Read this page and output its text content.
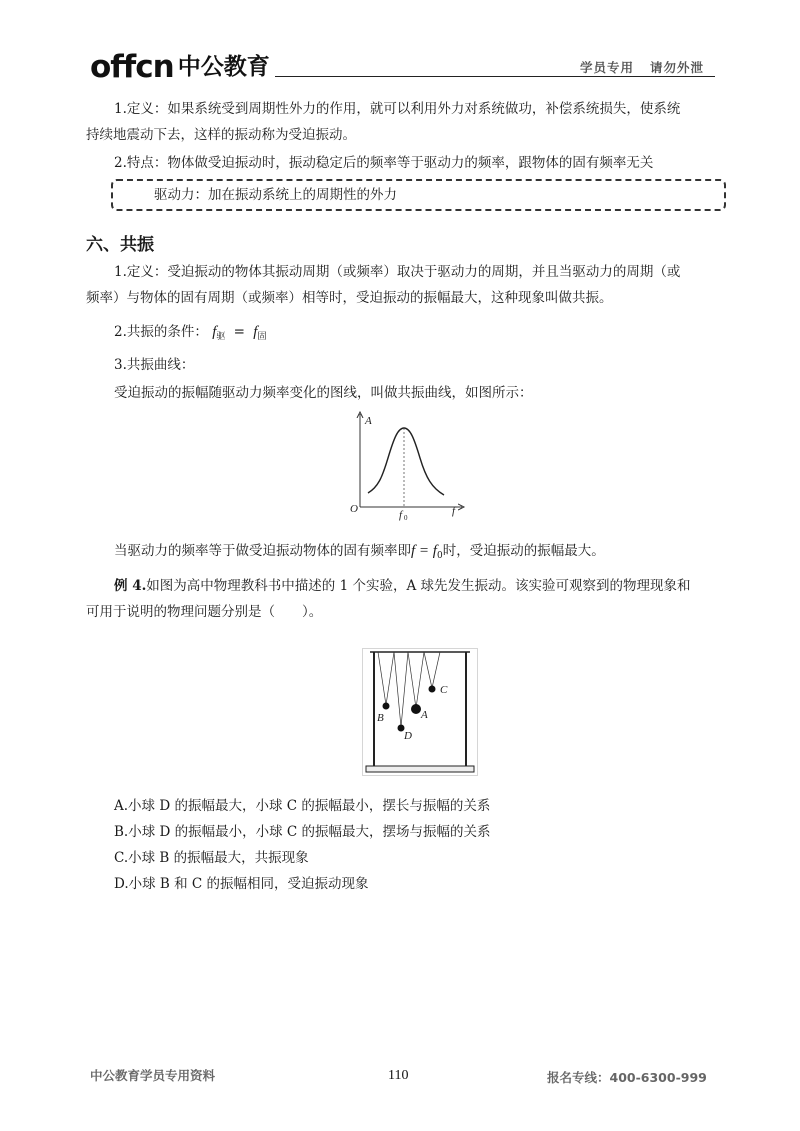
offcn 中公教育	学员专用 请勿外泄
1.定义：如果系统受到周期性外力的作用，就可以利用外力对系统做功，补偿系统损失，使系统
持续地震动下去，这样的振动称为受迫振动。
2.特点：物体做受迫振动时，振动稳定后的频率等于驱动力的频率，跟物体的固有频率无关
驱动力：加在振动系统上的周期性的外力
六、共振
1.定义：受迫振动的物体其振动周期（或频率）取决于驱动力的周期，并且当驱动力的周期（或
频率）与物体的固有周期（或频率）相等时，受迫振动的振幅最大，这种现象叫做共振。
2.共振的条件： $f_驱 = f_固$
3.共振曲线：
受迫振动的振幅随驱动力频率变化的图线，叫做共振曲线，如图所示：
A
O	f
f 0
当驱动力的频率等于做受迫振动物体的固有频率即$f = f_0$时，受迫振动的振幅最大。
例 4.如图为高中物理教科书中描述的 1 个实验，A 球先发生振动。该实验可观察到的物理现象和
可用于说明的物理问题分别是（　　）。
B	A
D
C
A.小球 D 的振幅最大，小球 C 的振幅最小，摆长与振幅的关系
B.小球 D 的振幅最小，小球 C 的振幅最大，摆场与振幅的关系
C.小球 B 的振幅最大，共振现象
D.小球 B 和 C 的振幅相同，受迫振动现象
中公教育学员专用资料	110	报名专线：400-6300-999
